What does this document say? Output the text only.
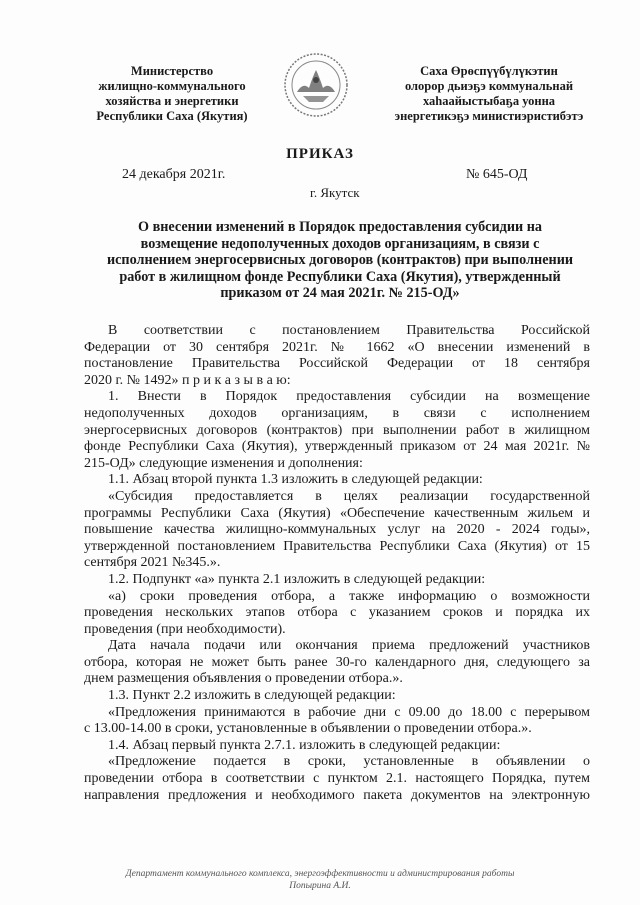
Министерство
жилищно-коммунального
хозяйства и энергетики
Республики Саха (Якутия)
Саха Өрөспүүбүлүкэтин
олорор дьиэҕэ коммунальнай
хаһаайыстыбаҕа уонна
энергетикэҕэ министиэристибэтэ
ПРИКАЗ
24 декабря 2021г.	№ 645-ОД
г. Якутск
О внесении изменений в Порядок предоставления субсидии на
возмещение недополученных доходов организациям, в связи с
исполнением энергосервисных договоров (контрактов) при выполнении
работ в жилищном фонде Республики Саха (Якутия), утвержденный
приказом от 24 мая 2021г. № 215-ОД»
В соответствии с постановлением Правительства Российской
Федерации от 30 сентября 2021г. № 1662 «О внесении изменений в
постановление Правительства Российской Федерации от 18 сентября
2020 г. № 1492» п р и к а з ы в а ю:
1. Внести в Порядок предоставления субсидии на возмещение
недополученных доходов организациям, в связи с исполнением
энергосервисных договоров (контрактов) при выполнении работ в жилищном
фонде Республики Саха (Якутия), утвержденный приказом от 24 мая 2021г. №
215-ОД» следующие изменения и дополнения:
1.1. Абзац второй пункта 1.3 изложить в следующей редакции:
«Субсидия предоставляется в целях реализации государственной
программы Республики Саха (Якутия) «Обеспечение качественным жильем и
повышение качества жилищно-коммунальных услуг на 2020 - 2024 годы»,
утвержденной постановлением Правительства Республики Саха (Якутия) от 15
сентября 2021 №345.».
1.2. Подпункт «а» пункта 2.1 изложить в следующей редакции:
«а) сроки проведения отбора, а также информацию о возможности
проведения нескольких этапов отбора с указанием сроков и порядка их
проведения (при необходимости).
Дата начала подачи или окончания приема предложений участников
отбора, которая не может быть ранее 30-го календарного дня, следующего за
днем размещения объявления о проведении отбора.».
1.3. Пункт 2.2 изложить в следующей редакции:
«Предложения принимаются в рабочие дни с 09.00 до 18.00 с перерывом
с 13.00-14.00 в сроки, установленные в объявлении о проведении отбора.».
1.4. Абзац первый пункта 2.7.1. изложить в следующей редакции:
«Предложение подается в сроки, установленные в объявлении о
проведении отбора в соответствии с пунктом 2.1. настоящего Порядка, путем
направления предложения и необходимого пакета документов на электронную
Департамент коммунального комплекса, энергоэффективности и администрирования работы
Попырина А.И.
